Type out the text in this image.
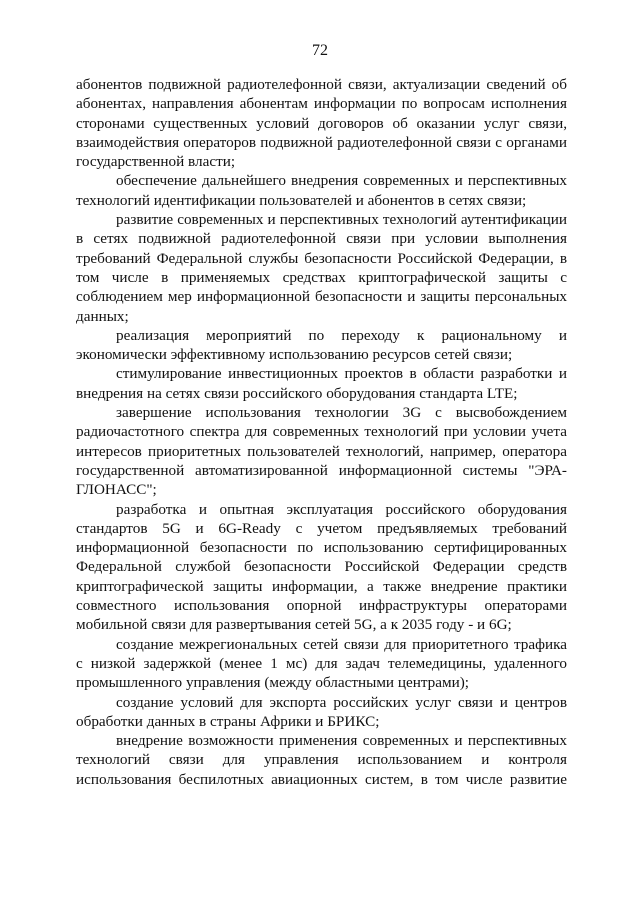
72

абонентов подвижной радиотелефонной связи, актуализации сведений об абонентах, направления абонентам информации по вопросам исполнения сторонами существенных условий договоров об оказании услуг связи, взаимодействия операторов подвижной радиотелефонной связи с органами государственной власти;

обеспечение дальнейшего внедрения современных и перспективных технологий идентификации пользователей и абонентов в сетях связи;

развитие современных и перспективных технологий аутентификации в сетях подвижной радиотелефонной связи при условии выполнения требований Федеральной службы безопасности Российской Федерации, в том числе в применяемых средствах криптографической защиты с соблюдением мер информационной безопасности и защиты персональных данных;

реализация мероприятий по переходу к рациональному и экономически эффективному использованию ресурсов сетей связи;

стимулирование инвестиционных проектов в области разработки и внедрения на сетях связи российского оборудования стандарта LTE;

завершение использования технологии 3G с высвобождением радиочастотного спектра для современных технологий при условии учета интересов приоритетных пользователей технологий, например, оператора государственной автоматизированной информационной системы "ЭРА-ГЛОНАСС";

разработка и опытная эксплуатация российского оборудования стандартов 5G и 6G-Ready с учетом предъявляемых требований информационной безопасности по использованию сертифицированных Федеральной службой безопасности Российской Федерации средств криптографической защиты информации, а также внедрение практики совместного использования опорной инфраструктуры операторами мобильной связи для развертывания сетей 5G, а к 2035 году - и 6G;

создание межрегиональных сетей связи для приоритетного трафика с низкой задержкой (менее 1 мс) для задач телемедицины, удаленного промышленного управления (между областными центрами);

создание условий для экспорта российских услуг связи и центров обработки данных в страны Африки и БРИКС;

внедрение возможности применения современных и перспективных технологий связи для управления использованием и контроля использования беспилотных авиационных систем, в том числе развитие
